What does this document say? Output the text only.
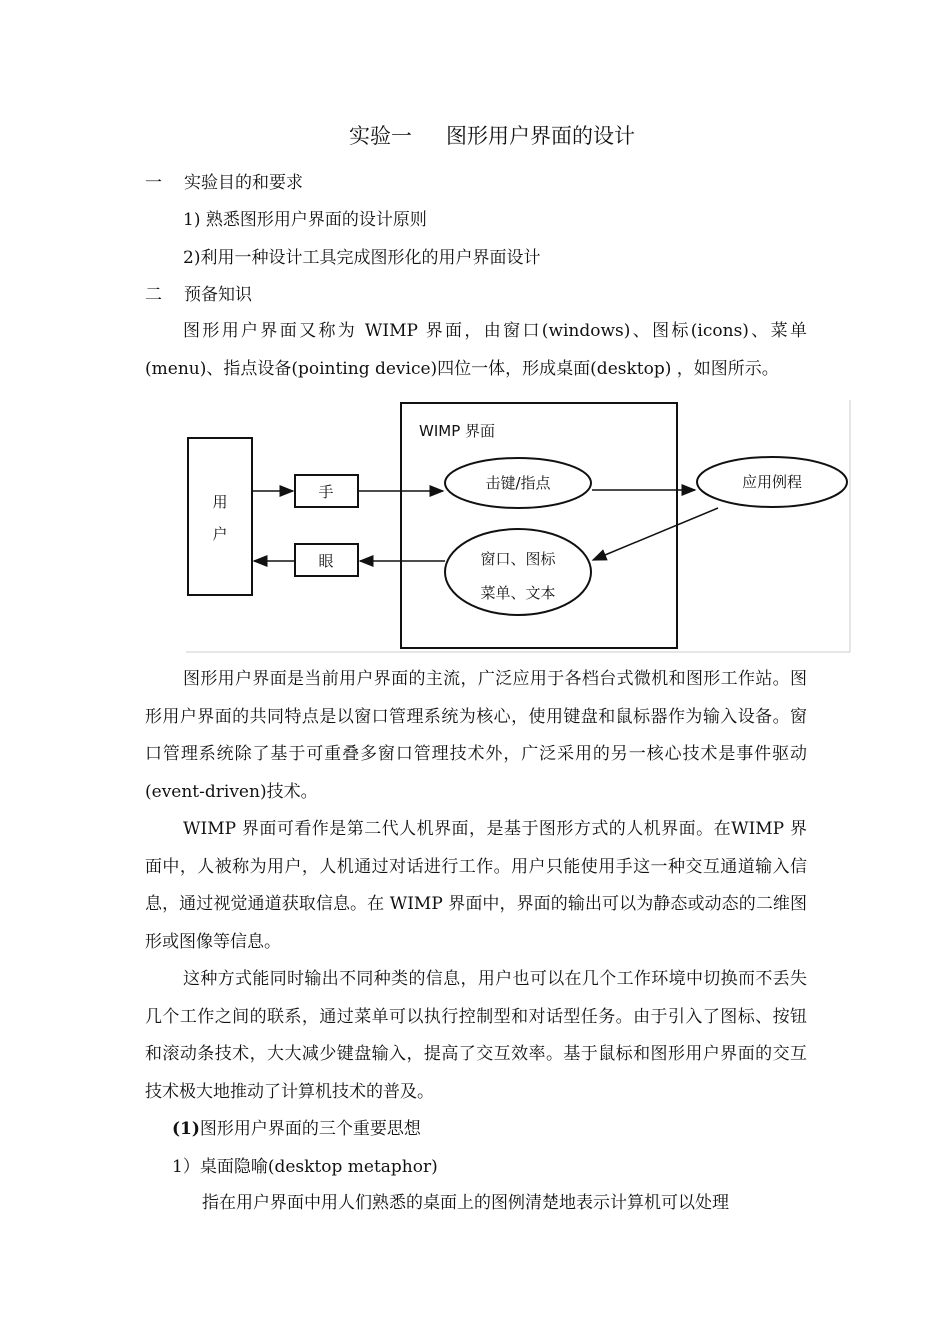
实验一 图形用户界面的设计
一 实验目的和要求
1) 熟悉图形用户界面的设计原则
2)利用一种设计工具完成图形化的用户界面设计
二 预备知识
图形用户界面又称为 WIMP 界面，由窗口(windows)、图标(icons)、菜单(menu)、指点设备(pointing device)四位一体，形成桌面(desktop) ，如图所示。
WIMP 界面
用
户
手
眼
击键/指点	应用例程
窗口、图标
菜单、文本
图形用户界面是当前用户界面的主流，广泛应用于各档台式微机和图形工作站。图形用户界面的共同特点是以窗口管理系统为核心，使用键盘和鼠标器作为输入设备。窗口管理系统除了基于可重叠多窗口管理技术外，广泛采用的另一核心技术是事件驱动(event-driven)技术。
WIMP 界面可看作是第二代人机界面，是基于图形方式的人机界面。在WIMP 界面中，人被称为用户，人机通过对话进行工作。用户只能使用手这一种交互通道输入信息，通过视觉通道获取信息。在 WIMP 界面中，界面的输出可以为静态或动态的二维图形或图像等信息。
这种方式能同时输出不同种类的信息，用户也可以在几个工作环境中切换而不丢失几个工作之间的联系，通过菜单可以执行控制型和对话型任务。由于引入了图标、按钮和滚动条技术，大大减少键盘输入，提高了交互效率。基于鼠标和图形用户界面的交互技术极大地推动了计算机技术的普及。
(1)图形用户界面的三个重要思想
1）桌面隐喻(desktop metaphor)
指在用户界面中用人们熟悉的桌面上的图例清楚地表示计算机可以处理
